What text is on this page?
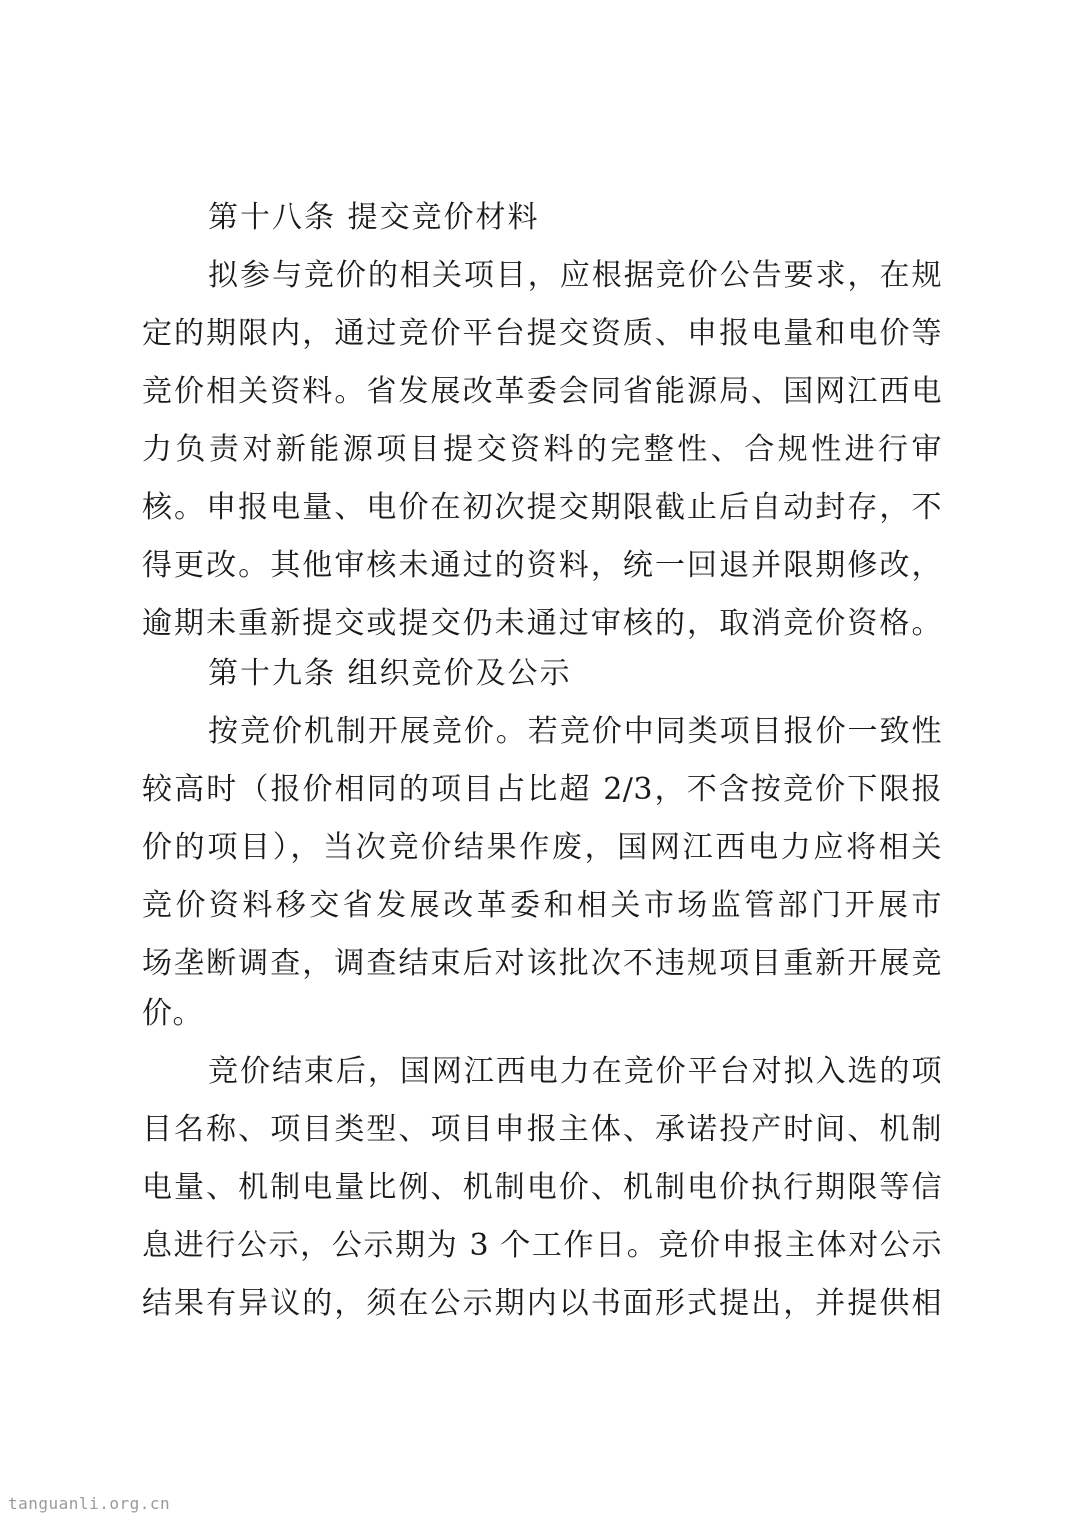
第十八条 提交竞价材料
拟参与竞价的相关项目，应根据竞价公告要求，在规
定的期限内，通过竞价平台提交资质、申报电量和电价等
竞价相关资料。省发展改革委会同省能源局、国网江西电
力负责对新能源项目提交资料的完整性、合规性进行审
核。申报电量、电价在初次提交期限截止后自动封存，不
得更改。其他审核未通过的资料，统一回退并限期修改，
逾期未重新提交或提交仍未通过审核的，取消竞价资格。
第十九条 组织竞价及公示
按竞价机制开展竞价。若竞价中同类项目报价一致性
较高时（报价相同的项目占比超 2/3，不含按竞价下限报
价的项目），当次竞价结果作废，国网江西电力应将相关
竞价资料移交省发展改革委和相关市场监管部门开展市
场垄断调查，调查结束后对该批次不违规项目重新开展竞
价。
竞价结束后，国网江西电力在竞价平台对拟入选的项
目名称、项目类型、项目申报主体、承诺投产时间、机制
电量、机制电量比例、机制电价、机制电价执行期限等信
息进行公示，公示期为 3 个工作日。竞价申报主体对公示
结果有异议的，须在公示期内以书面形式提出，并提供相
tanguanli.org.cn
